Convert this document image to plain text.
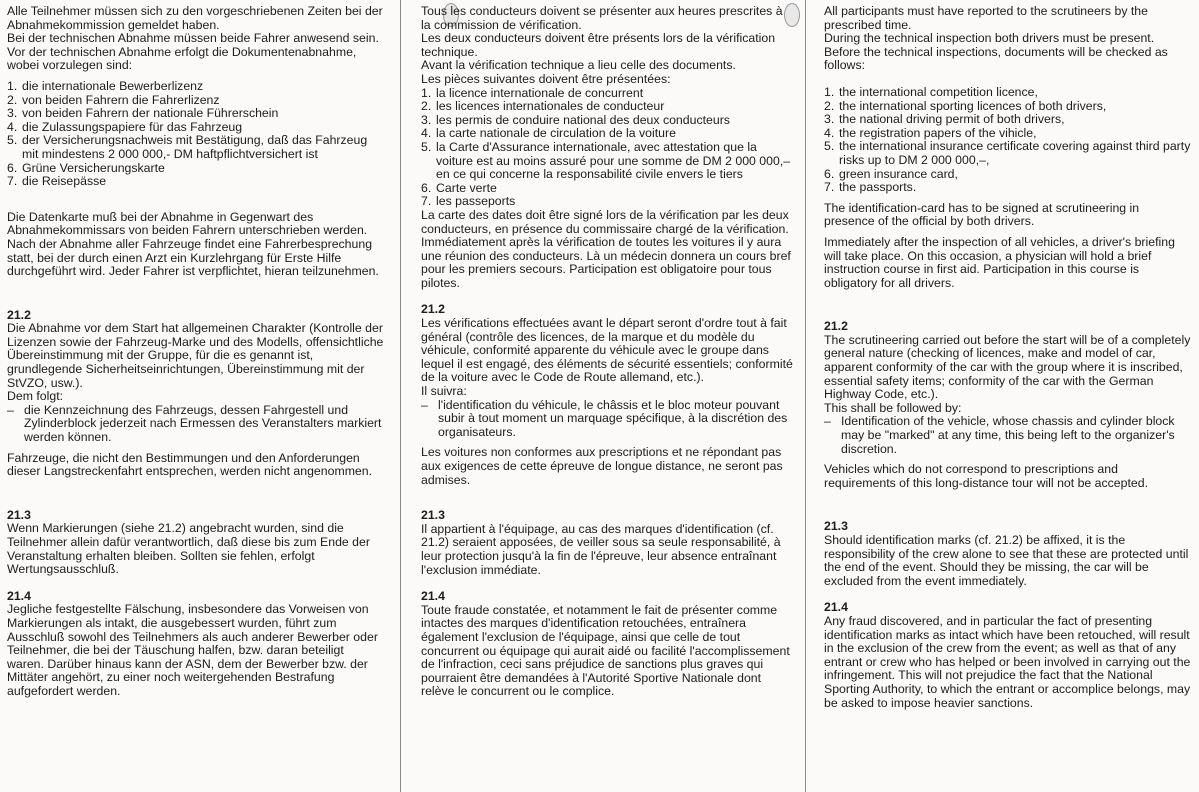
Alle Teilnehmer müssen sich zu den vorgeschriebenen Zeiten bei der Abnahmekommission gemeldet haben.

Bei der technischen Abnahme müssen beide Fahrer anwesend sein.

Vor der technischen Abnahme erfolgt die Dokumentenabnahme, wobei vorzulegen sind:

1. die internationale Bewerberlizenz
2. von beiden Fahrern die Fahrerlizenz
3. von beiden Fahrern der nationale Führerschein
4. die Zulassungspapiere für das Fahrzeug
5. der Versicherungsnachweis mit Bestätigung, daß das Fahrzeug mit mindestens 2 000 000,- DM haftpflichtversichert ist
6. Grüne Versicherungskarte
7. die Reisepässe

Die Datenkarte muß bei der Abnahme in Gegenwart des Abnahmekommissars von beiden Fahrern unterschrieben werden. Nach der Abnahme aller Fahrzeuge findet eine Fahrerbesprechung statt, bei der durch einen Arzt ein Kurzlehrgang für Erste Hilfe durchgeführt wird. Jeder Fahrer ist verpflichtet, hieran teilzunehmen.

21.2

Die Abnahme vor dem Start hat allgemeinen Charakter (Kontrolle der Lizenzen sowie der Fahrzeug-Marke und des Modells, offensichtliche Übereinstimmung mit der Gruppe, für die es genannt ist, grundlegende Sicherheitseinrichtungen, Übereinstimmung mit der StVZO, usw.).

Dem folgt:

– die Kennzeichnung des Fahrzeugs, dessen Fahrgestell und Zylinderblock jederzeit nach Ermessen des Veranstalters markiert werden können.

Fahrzeuge, die nicht den Bestimmungen und den Anforderungen dieser Langstreckenfahrt entsprechen, werden nicht angenommen.

21.3

Wenn Markierungen (siehe 21.2) angebracht wurden, sind die Teilnehmer allein dafür verantwortlich, daß diese bis zum Ende der Veranstaltung erhalten bleiben. Sollten sie fehlen, erfolgt Wertungsausschluß.

21.4

Jegliche festgestellte Fälschung, insbesondere das Vorweisen von Markierungen als intakt, die ausgebessert wurden, führt zum Ausschluß sowohl des Teilnehmers als auch anderer Bewerber oder Teilnehmer, die bei der Täuschung halfen, bzw. daran beteiligt waren. Darüber hinaus kann der ASN, dem der Bewerber bzw. der Mittäter angehört, zu einer noch weitergehenden Bestrafung aufgefordert werden.

Tous les conducteurs doivent se présenter aux heures prescrites à la commission de vérification.

Les deux conducteurs doivent être présents lors de la vérification technique.

Avant la vérification technique a lieu celle des documents.

Les pièces suivantes doivent être présentées:

1. la licence internationale de concurrent
2. les licences internationales de conducteur
3. les permis de conduire national des deux conducteurs
4. la carte nationale de circulation de la voiture
5. la Carte d'Assurance internationale, avec attestation que la voiture est au moins assuré pour une somme de DM 2 000 000,– en ce qui concerne la responsabilité civile envers le tiers
6. Carte verte
7. les passeports

La carte des dates doit être signé lors de la vérification par les deux conducteurs, en présence du commissaire chargé de la vérification.

Immédiatement après la vérification de toutes les voitures il y aura une réunion des conducteurs. Là un médecin donnera un cours bref pour les premiers secours. Participation est obligatoire pour tous pilotes.

21.2

Les vérifications effectuées avant le départ seront d'ordre tout à fait général (contrôle des licences, de la marque et du modèle du véhicule, conformité apparente du véhicule avec le groupe dans lequel il est engagé, des éléments de sécurité essentiels; conformité de la voiture avec le Code de Route allemand, etc.).

Il suivra:

– l'identification du véhicule, le châssis et le bloc moteur pouvant subir à tout moment un marquage spécifique, à la discrétion des organisateurs.

Les voitures non conformes aux prescriptions et ne répondant pas aux exigences de cette épreuve de longue distance, ne seront pas admises.

21.3

Il appartient à l'équipage, au cas des marques d'identification (cf. 21.2) seraient apposées, de veiller sous sa seule responsabilité, à leur protection jusqu'à la fin de l'épreuve, leur absence entraînant l'exclusion immédiate.

21.4

Toute fraude constatée, et notamment le fait de présenter comme intactes des marques d'identification retouchées, entraînera également l'exclusion de l'équipage, ainsi que celle de tout concurrent ou équipage qui aurait aidé ou facilité l'accomplissement de l'infraction, ceci sans préjudice de sanctions plus graves qui pourraient être demandées à l'Autorité Sportive Nationale dont relève le concurrent ou le complice.

All participants must have reported to the scrutineers by the prescribed time.

During the technical inspection both drivers must be present.

Before the technical inspections, documents will be checked as follows:

1. the international competition licence,
2. the international sporting licences of both drivers,
3. the national driving permit of both drivers,
4. the registration papers of the vihicle,
5. the international insurance certificate covering against third party risks up to DM 2 000 000,–,
6. green insurance card,
7. the passports.

The identification-card has to be signed at scrutineering in presence of the official by both drivers.

Immediately after the inspection of all vehicles, a driver's briefing will take place. On this occasion, a physician will hold a brief instruction course in first aid. Participation in this course is obligatory for all drivers.

21.2

The scrutineering carried out before the start will be of a completely general nature (checking of licences, make and model of car, apparent conformity of the car with the group where it is inscribed, essential safety items; conformity of the car with the German Highway Code, etc.).

This shall be followed by:

– Identification of the vehicle, whose chassis and cylinder block may be "marked" at any time, this being left to the organizer's discretion.

Vehicles which do not correspond to prescriptions and requirements of this long-distance tour will not be accepted.

21.3

Should identification marks (cf. 21.2) be affixed, it is the responsibility of the crew alone to see that these are protected until the end of the event. Should they be missing, the car will be excluded from the event immediately.

21.4

Any fraud discovered, and in particular the fact of presenting identification marks as intact which have been retouched, will result in the exclusion of the crew from the event; as well as that of any entrant or crew who has helped or been involved in carrying out the infringement. This will not prejudice the fact that the National Sporting Authority, to which the entrant or accomplice belongs, may be asked to impose heavier sanctions.
